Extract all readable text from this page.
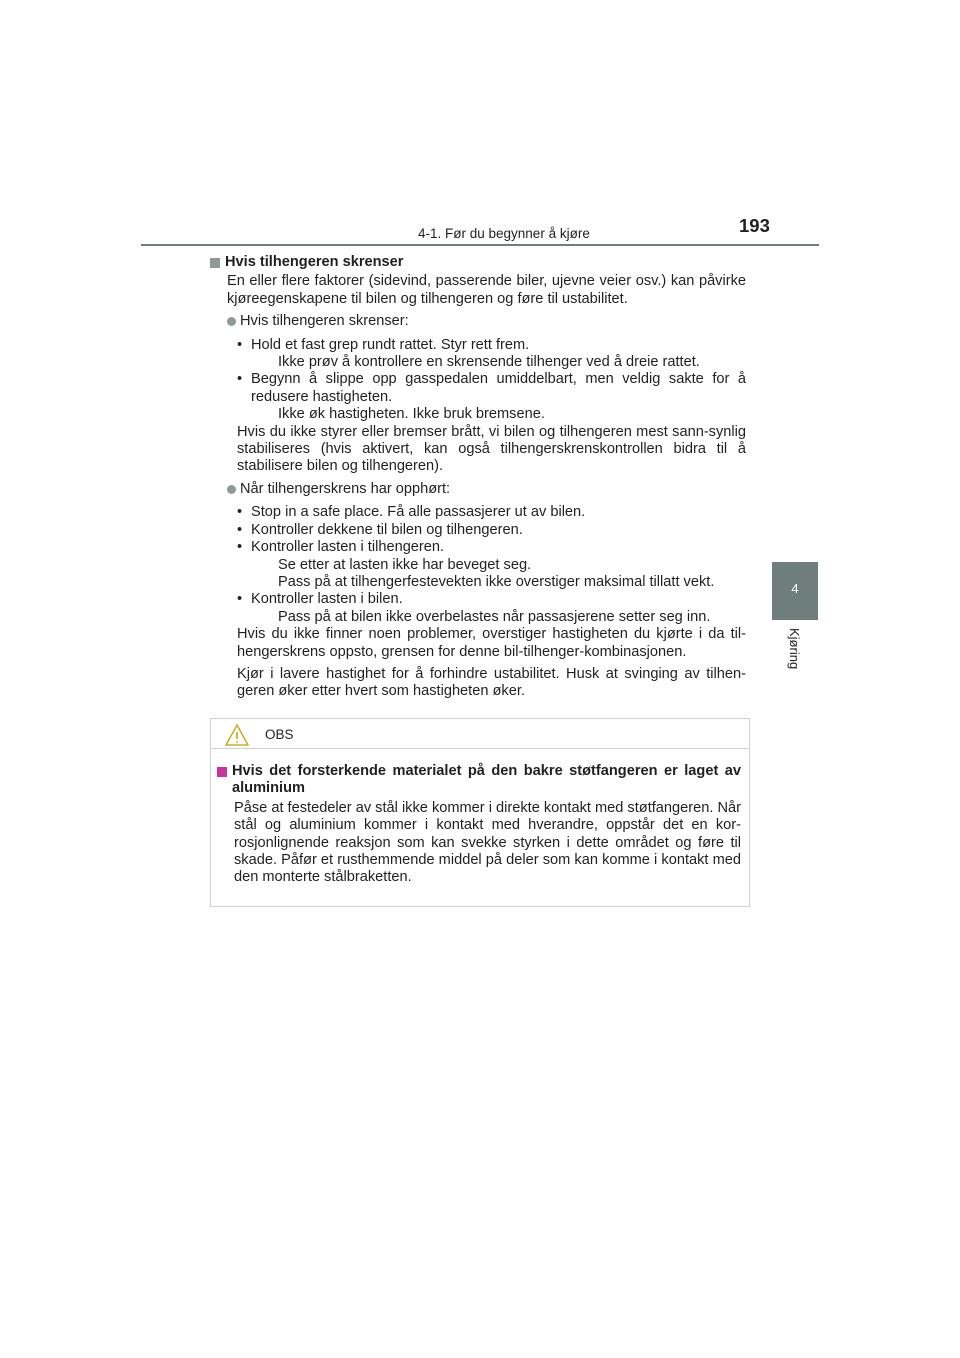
4-1. Før du begynner å kjøre	193
4
Kjøring
Hvis tilhengeren skrenser
En eller flere faktorer (sidevind, passerende biler, ujevne veier osv.) kan påvirke kjøreegenskapene til bilen og tilhengeren og føre til ustabilitet.
Hvis tilhengeren skrenser:
• Hold et fast grep rundt rattet. Styr rett frem.
Ikke prøv å kontrollere en skrensende tilhenger ved å dreie rattet.
• Begynn å slippe opp gasspedalen umiddelbart, men veldig sakte for å redusere hastigheten.
Ikke øk hastigheten. Ikke bruk bremsene.
Hvis du ikke styrer eller bremser brått, vi bilen og tilhengeren mest sann-synlig stabiliseres (hvis aktivert, kan også tilhengerskrenskontrollen bidra til å stabilisere bilen og tilhengeren).
Når tilhengerskrens har opphørt:
• Stop in a safe place. Få alle passasjerer ut av bilen.
• Kontroller dekkene til bilen og tilhengeren.
• Kontroller lasten i tilhengeren.
Se etter at lasten ikke har beveget seg.
Pass på at tilhengerfestevekten ikke overstiger maksimal tillatt vekt.
• Kontroller lasten i bilen.
Pass på at bilen ikke overbelastes når passasjerene setter seg inn.
Hvis du ikke finner noen problemer, overstiger hastigheten du kjørte i da til-hengerskrens oppsto, grensen for denne bil-tilhenger-kombinasjonen.
Kjør i lavere hastighet for å forhindre ustabilitet. Husk at svinging av tilhen-geren øker etter hvert som hastigheten øker.
OBS
Hvis det forsterkende materialet på den bakre støtfangeren er laget av aluminium
Påse at festedeler av stål ikke kommer i direkte kontakt med støtfangeren. Når stål og aluminium kommer i kontakt med hverandre, oppstår det en kor-rosjonlignende reaksjon som kan svekke styrken i dette området og føre til skade. Påfør et rusthemmende middel på deler som kan komme i kontakt med den monterte stålbraketten.
